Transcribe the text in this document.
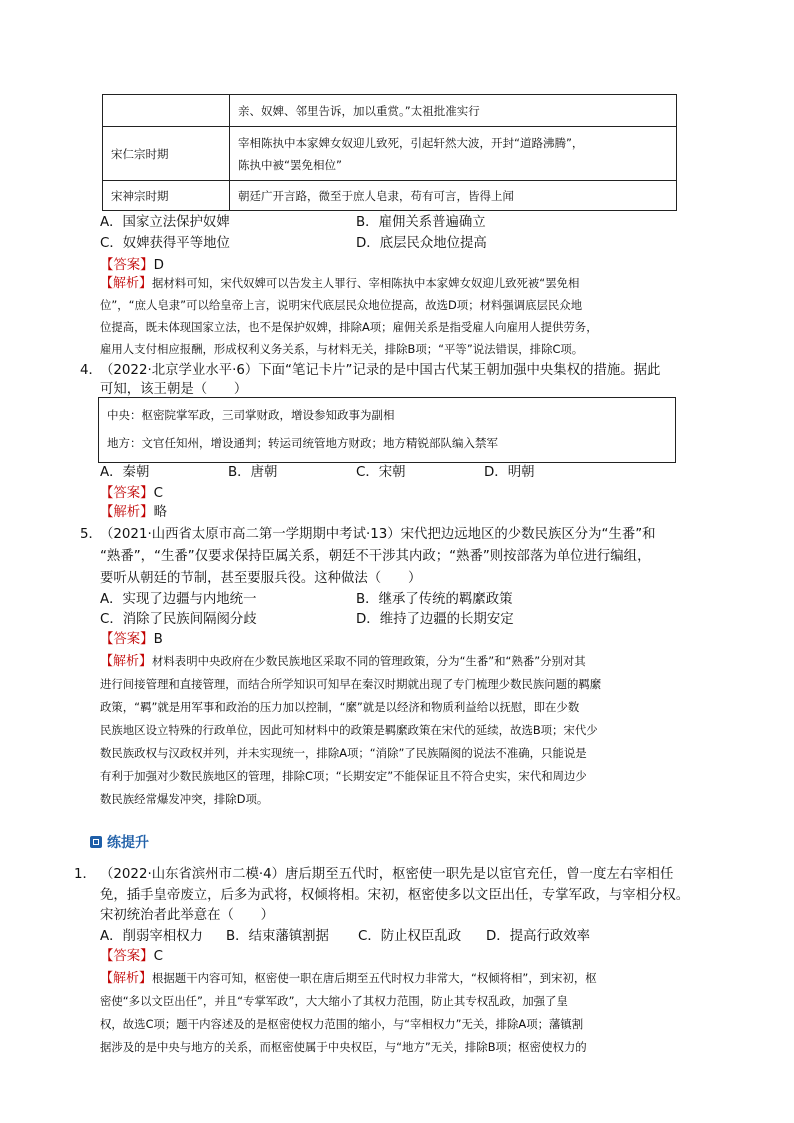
	亲、奴婢、邻里告诉，加以重赏。”太祖批准实行
宋仁宗时期	宰相陈执中本家婢女奴迎儿致死，引起轩然大波，开封“道路沸腾”，
陈执中被“罢免相位”

宋神宗时期	朝廷广开言路，微至于庶人皂隶，苟有可言，皆得上闻
A．国家立法保护奴婢	B．雇佣关系普遍确立
C．奴婢获得平等地位	D．底层民众地位提高
【答案】D
【解析】据材料可知，宋代奴婢可以告发主人罪行、宰相陈执中本家婢女奴迎儿致死被“罢免相
位”，“庶人皂隶”可以给皇帝上言，说明宋代底层民众地位提高，故选D项；材料强调底层民众地
位提高，既未体现国家立法，也不是保护奴婢，排除A项；雇佣关系是指受雇人向雇用人提供劳务，
雇用人支付相应报酬，形成权利义务关系，与材料无关，排除B项；“平等”说法错误，排除C项。
4．
（2022·北京学业水平·6）下面“笔记卡片”记录的是中国古代某王朝加强中央集权的措施。据此
可知，该王朝是（　　）
中央：枢密院掌军政，三司掌财政，增设参知政事为副相
地方：文官任知州，增设通判；转运司统管地方财政；地方精锐部队编入禁军
A．秦朝	B．唐朝	C．宋朝	D．明朝
【答案】C
【解析】略
5．
（2021·山西省太原市高二第一学期期中考试·13）宋代把边远地区的少数民族区分为“生番”和
“熟番”，“生番”仅要求保持臣属关系，朝廷不干涉其内政；“熟番”则按部落为单位进行编组，
要听从朝廷的节制，甚至要服兵役。这种做法（　　）
A．实现了边疆与内地统一	B．继承了传统的羁縻政策
C．消除了民族间隔阂分歧	D．维持了边疆的长期安定
【答案】B
【解析】材料表明中央政府在少数民族地区采取不同的管理政策，分为“生番”和“熟番”分别对其
进行间接管理和直接管理，而结合所学知识可知早在秦汉时期就出现了专门梳理少数民族问题的羁縻
政策，“羁”就是用军事和政治的压力加以控制，“縻”就是以经济和物质利益给以抚慰，即在少数
民族地区设立特殊的行政单位，因此可知材料中的政策是羁縻政策在宋代的延续，故选B项；宋代少
数民族政权与汉政权并列，并未实现统一，排除A项；“消除”了民族隔阂的说法不准确，只能说是
有利于加强对少数民族地区的管理，排除C项；“长期安定”不能保证且不符合史实，宋代和周边少
数民族经常爆发冲突，排除D项。
练提升
1． （2022·山东省滨州市二模·4）唐后期至五代时，枢密使一职先是以宦官充任，曾一度左右宰相任
免，插手皇帝废立，后多为武将，权倾将相。宋初，枢密使多以文臣出任，专掌军政，与宰相分权。
宋初统治者此举意在（　　）
A．削弱宰相权力 B．结束藩镇割据 C．防止权臣乱政 D．提高行政效率
【答案】C
【解析】根据题干内容可知，枢密使一职在唐后期至五代时权力非常大，“权倾将相”，到宋初，枢
密使“多以文臣出任”，并且“专掌军政”，大大缩小了其权力范围，防止其专权乱政，加强了皇
权，故选C项；题干内容述及的是枢密使权力范围的缩小，与“宰相权力”无关，排除A项；藩镇割
据涉及的是中央与地方的关系，而枢密使属于中央权臣，与“地方”无关，排除B项；枢密使权力的
